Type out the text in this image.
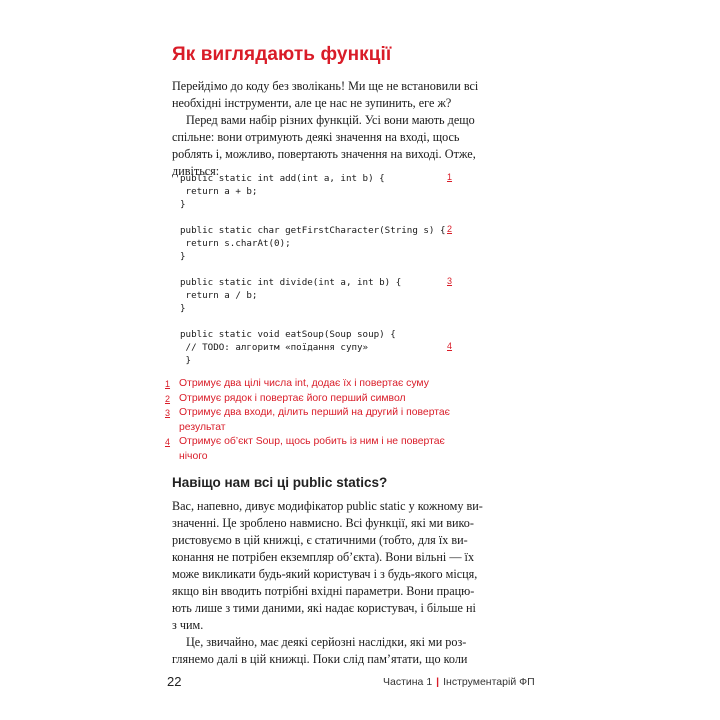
Як виглядають функції

Перейдімо до коду без зволікань! Ми ще не встановили всі
необхідні інструменти, але це нас не зупинить, еге ж?

Перед вами набір різних функцій. Усі вони мають дещо
спільне: вони отримують деякі значення на вході, щось
роблять і, можливо, повертають значення на виході. Отже,
дивіться:

public static int add(int a, int b) {
return a + b;
}
public static char getFirstCharacter(String s) {
return s.charAt(0);
}
public static int divide(int a, int b) {
return a / b;
}
public static void eatSoup(Soup soup) {
// TODO: алгоритм «поїдання супу»
}
1
2
3
4
1 Отримує два цілі числа int, додає їх і повертає суму
2 Отримує рядок і повертає його перший символ
3 Отримує два входи, ділить перший на другий і повертає
результат
4 Отримує об’єкт Soup, щось робить із ним і не повертає
нічого
Навіщо нам всі ці public statics?

Вас, напевно, дивує модифікатор public static у кожному ви-
значенні. Це зроблено навмисно. Всі функції, які ми вико-
ристовуємо в цій книжці, є статичними (тобто, для їх ви-
конання не потрібен екземпляр об’єкта). Вони вільні — їх
може викликати будь-який користувач і з будь-якого місця,
якщо він вводить потрібні вхідні параметри. Вони працю-
ють лише з тими даними, які надає користувач, і більше ні
з чим.

Це, звичайно, має деякі серйозні наслідки, які ми роз-
глянемо далі в цій книжці. Поки слід пам’ятати, що коли

22	Частина 1 | Інструментарій ФП
